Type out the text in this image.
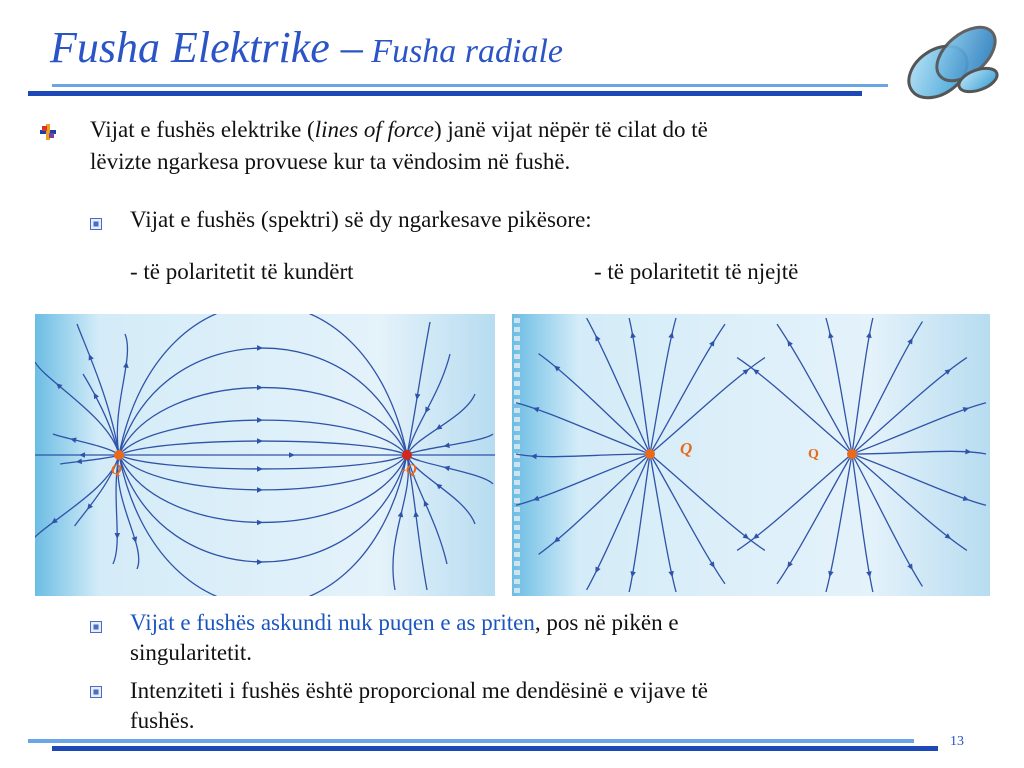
Fusha Elektrike – Fusha radiale
Vijat e fushës elektrike (lines of force) janë vijat nëpër të cilat do të
lëvizte ngarkesa provuese kur ta vëndosim në fushë.
Vijat e fushës (spektri) së dy ngarkesave pikësore:
- të polaritetit të kundërt	- të polaritetit të njejtë
Q	-Q
Q	Q
Vijat e fushës askundi nuk puqen e as priten, pos në pikën e
singularitetit.
Intenziteti i fushës është proporcional me dendësinë e vijave të
fushës.
13
